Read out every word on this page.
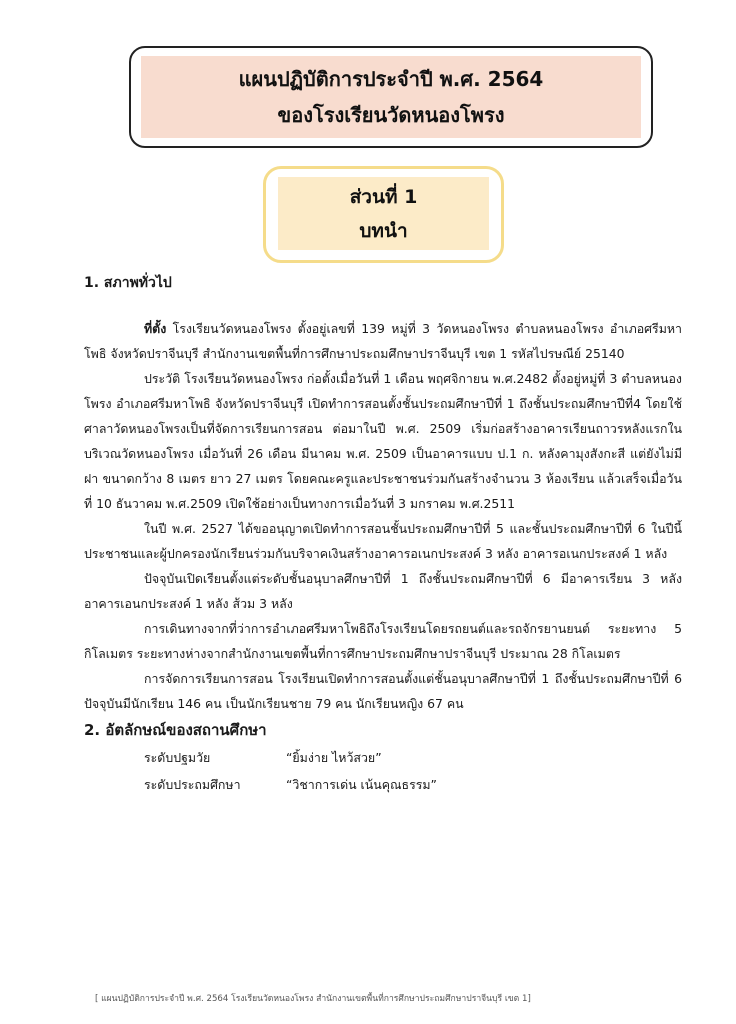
แผนปฏิบัติการประจำปี พ.ศ. 2564
ของโรงเรียนวัดหนองโพรง
ส่วนที่ 1
บทนำ
1. สภาพทั่วไป

ที่ตั้ง โรงเรียนวัดหนองโพรง ตั้งอยู่เลขที่ 139 หมู่ที่ 3 วัดหนองโพรง ตำบลหนองโพรง อำเภอศรีมหาโพธิ จังหวัดปราจีนบุรี สำนักงานเขตพื้นที่การศึกษาประถมศึกษาปราจีนบุรี เขต 1 รหัสไปรษณีย์ 25140

ประวัติ โรงเรียนวัดหนองโพรง ก่อตั้งเมื่อวันที่ 1 เดือน พฤศจิกายน พ.ศ.2482 ตั้งอยู่หมู่ที่ 3 ตำบลหนองโพรง อำเภอศรีมหาโพธิ จังหวัดปราจีนบุรี เปิดทำการสอนตั้งชั้นประถมศึกษาปีที่ 1 ถึงชั้นประถมศึกษาปีที่4 โดยใช้ศาลาวัดหนองโพรงเป็นที่จัดการเรียนการสอน ต่อมาในปี พ.ศ. 2509 เริ่มก่อสร้างอาคารเรียนถาวรหลังแรกในบริเวณวัดหนองโพรง เมื่อวันที่ 26 เดือน มีนาคม พ.ศ. 2509 เป็นอาคารแบบ ป.1 ก. หลังคามุงสังกะสี แต่ยังไม่มีฝา ขนาดกว้าง 8 เมตร ยาว 27 เมตร โดยคณะครูและประชาชนร่วมกันสร้างจำนวน 3 ห้องเรียน แล้วเสร็จเมื่อวันที่ 10 ธันวาคม พ.ศ.2509 เปิดใช้อย่างเป็นทางการเมื่อวันที่ 3 มกราคม พ.ศ.2511

ในปี พ.ศ. 2527 ได้ขออนุญาตเปิดทำการสอนชั้นประถมศึกษาปีที่ 5 และชั้นประถมศึกษาปีที่ 6 ในปีนี้ประชาชนและผู้ปกครองนักเรียนร่วมกันบริจาคเงินสร้างอาคารอเนกประสงค์ 3 หลัง อาคารอเนกประสงค์ 1 หลัง

ปัจจุบันเปิดเรียนตั้งแต่ระดับชั้นอนุบาลศึกษาปีที่ 1 ถึงชั้นประถมศึกษาปีที่ 6 มีอาคารเรียน 3 หลัง อาคารเอนกประสงค์ 1 หลัง ส้วม 3 หลัง

การเดินทางจากที่ว่าการอำเภอศรีมหาโพธิถึงโรงเรียนโดยรถยนต์และรถจักรยานยนต์ ระยะทาง 5 กิโลเมตร ระยะทางห่างจากสำนักงานเขตพื้นที่การศึกษาประถมศึกษาปราจีนบุรี ประมาณ 28 กิโลเมตร

การจัดการเรียนการสอน โรงเรียนเปิดทำการสอนตั้งแต่ชั้นอนุบาลศึกษาปีที่ 1 ถึงชั้นประถมศึกษาปีที่ 6 ปัจจุบันมีนักเรียน 146 คน เป็นนักเรียนชาย 79 คน นักเรียนหญิง 67 คน

2. อัตลักษณ์ของสถานศึกษา
ระดับปฐมวัย	“ยิ้มง่าย ไหว้สวย”
ระดับประถมศึกษา	“วิชาการเด่น เน้นคุณธรรม”
[ แผนปฏิบัติการประจำปี พ.ศ. 2564 โรงเรียนวัดหนองโพรง สำนักงานเขตพื้นที่การศึกษาประถมศึกษาปราจีนบุรี เขต 1]
